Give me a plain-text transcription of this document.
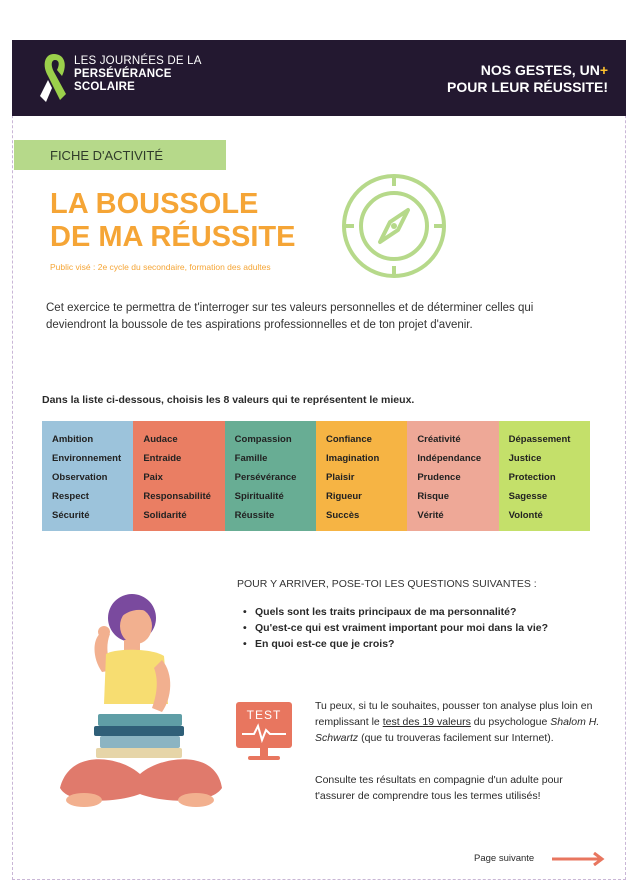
LES JOURNÉES DE LA
PERSÉVÉRANCE
SCOLAIRE
NOS GESTES, UN+
POUR LEUR RÉUSSITE!
FICHE D'ACTIVITÉ
LA BOUSSOLE
DE MA RÉUSSITE
Public visé : 2e cycle du secondaire, formation des adultes
Cet exercice te permettra de t'interroger sur tes valeurs personnelles et de déterminer celles qui deviendront la boussole de tes aspirations professionnelles et de ton projet d'avenir.
Dans la liste ci-dessous, choisis les 8 valeurs qui te représentent le mieux.
Ambition
Environnement
Observation
Respect
Sécurité
Audace
Entraide
Paix
Responsabilité
Solidarité
Compassion
Famille
Persévérance
Spiritualité
Réussite
Confiance
Imagination
Plaisir
Rigueur
Succès
Créativité
Indépendance
Prudence
Risque
Vérité
Dépassement
Justice
Protection
Sagesse
Volonté
POUR Y ARRIVER, POSE-TOI LES QUESTIONS SUIVANTES :
• Quels sont les traits principaux de ma personnalité?
• Qu'est-ce qui est vraiment important pour moi dans la vie?
• En quoi est-ce que je crois?
TEST
Tu peux, si tu le souhaites, pousser ton analyse plus loin en remplissant le test des 19 valeurs du psychologue Shalom H. Schwartz (que tu trouveras facilement sur Internet).
Consulte tes résultats en compagnie d'un adulte pour t'assurer de comprendre tous les termes utilisés!
Page suivante
